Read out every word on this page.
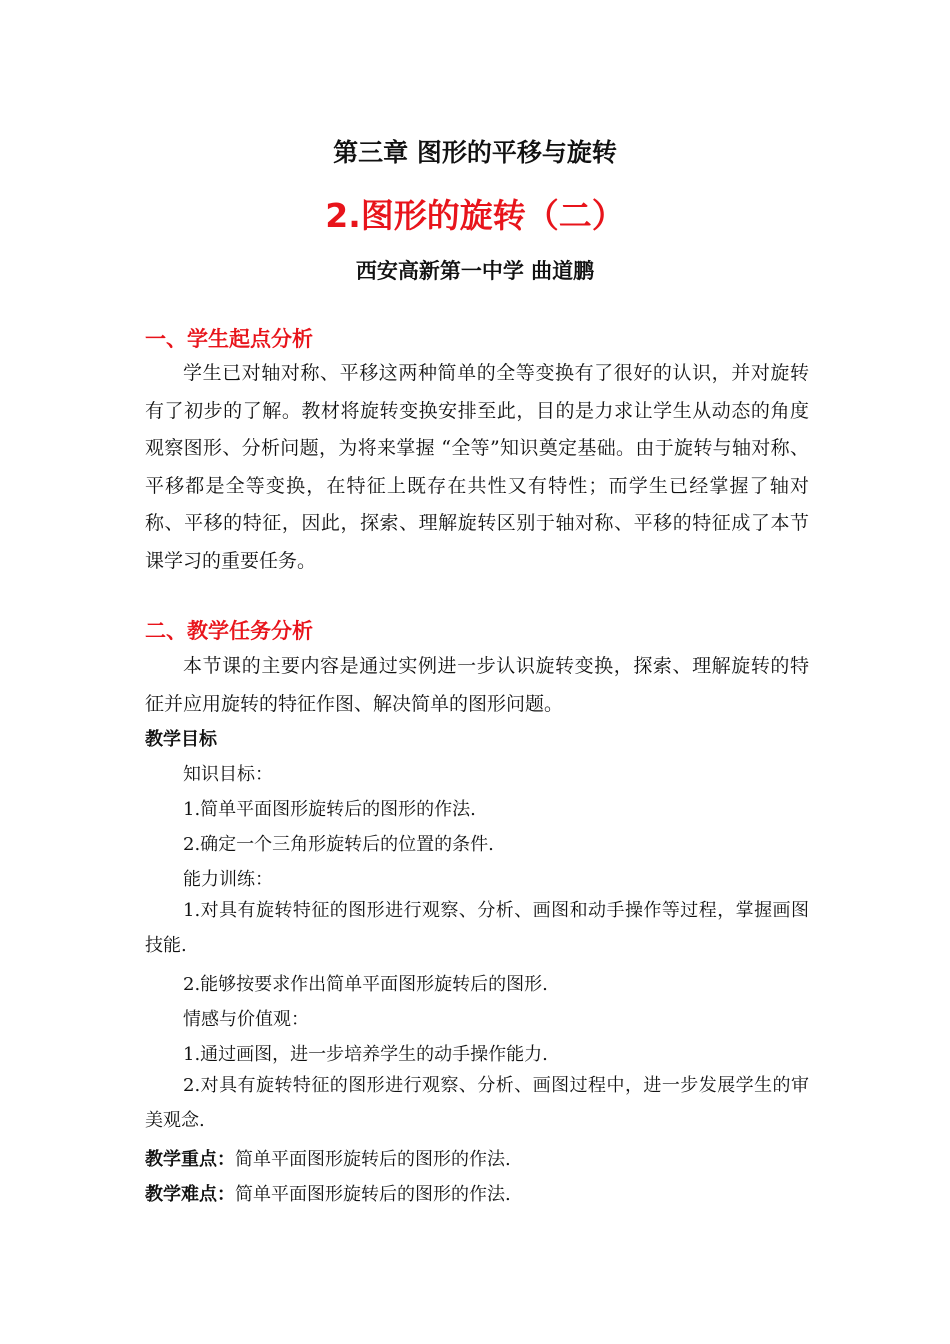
第三章 图形的平移与旋转
2.图形的旋转（二）
西安高新第一中学 曲道鹏
一、学生起点分析
学生已对轴对称、平移这两种简单的全等变换有了很好的认识，并对旋转有了初步的了解。教材将旋转变换安排至此，目的是力求让学生从动态的角度观察图形、分析问题，为将来掌握 “全等”知识奠定基础。由于旋转与轴对称、平移都是全等变换，在特征上既存在共性又有特性；而学生已经掌握了轴对称、平移的特征，因此，探索、理解旋转区别于轴对称、平移的特征成了本节课学习的重要任务。
二、教学任务分析
本节课的主要内容是通过实例进一步认识旋转变换，探索、理解旋转的特征并应用旋转的特征作图、解决简单的图形问题。
教学目标
知识目标：
1.简单平面图形旋转后的图形的作法.
2.确定一个三角形旋转后的位置的条件.
能力训练：
1.对具有旋转特征的图形进行观察、分析、画图和动手操作等过程，掌握画图技能.
2.能够按要求作出简单平面图形旋转后的图形.
情感与价值观：
1.通过画图，进一步培养学生的动手操作能力.
2.对具有旋转特征的图形进行观察、分析、画图过程中，进一步发展学生的审美观念.
教学重点：简单平面图形旋转后的图形的作法.
教学难点：简单平面图形旋转后的图形的作法.
